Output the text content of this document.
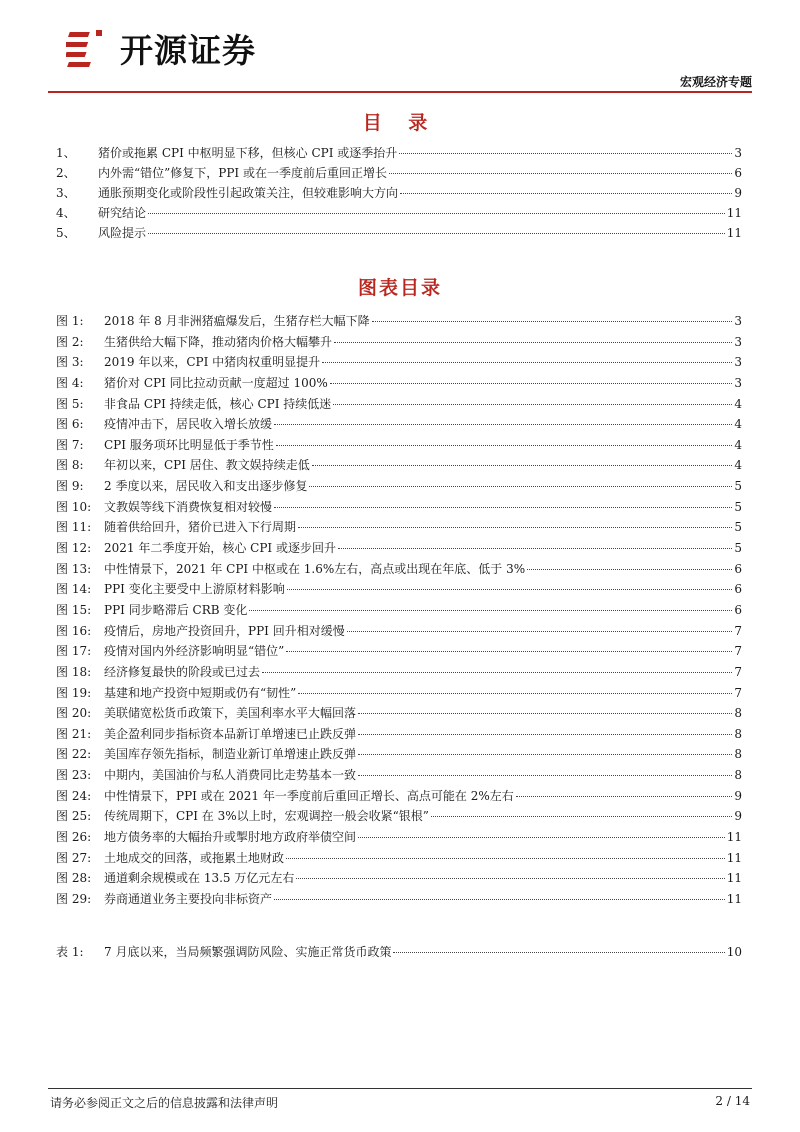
开源证券
宏观经济专题
目 录
1、	猪价或拖累 CPI 中枢明显下移，但核心 CPI 或逐季抬升	3
2、	内外需“错位”修复下，PPI 或在一季度前后重回正增长	6
3、	通胀预期变化或阶段性引起政策关注，但较难影响大方向	9
4、	研究结论	11
5、	风险提示	11
图表目录
图 1:	2018 年 8 月非洲猪瘟爆发后，生猪存栏大幅下降	3
图 2:	生猪供给大幅下降，推动猪肉价格大幅攀升	3
图 3:	2019 年以来，CPI 中猪肉权重明显提升	3
图 4:	猪价对 CPI 同比拉动贡献一度超过 100%	3
图 5:	非食品 CPI 持续走低，核心 CPI 持续低迷	4
图 6:	疫情冲击下，居民收入增长放缓	4
图 7:	CPI 服务项环比明显低于季节性	4
图 8:	年初以来，CPI 居住、教文娱持续走低	4
图 9:	2 季度以来，居民收入和支出逐步修复	5
图 10:	文教娱等线下消费恢复相对较慢	5
图 11:	随着供给回升，猪价已进入下行周期	5
图 12:	2021 年二季度开始，核心 CPI 或逐步回升	5
图 13:	中性情景下，2021 年 CPI 中枢或在 1.6%左右，高点或出现在年底、低于 3%	6
图 14:	PPI 变化主要受中上游原材料影响	6
图 15:	PPI 同步略滞后 CRB 变化	6
图 16:	疫情后，房地产投资回升，PPI 回升相对缓慢	7
图 17:	疫情对国内外经济影响明显“错位”	7
图 18:	经济修复最快的阶段或已过去	7
图 19:	基建和地产投资中短期或仍有“韧性”	7
图 20:	美联储宽松货币政策下，美国利率水平大幅回落	8
图 21:	美企盈利同步指标资本品新订单增速已止跌反弹	8
图 22:	美国库存领先指标，制造业新订单增速止跌反弹	8
图 23:	中期内，美国油价与私人消费同比走势基本一致	8
图 24:	中性情景下，PPI 或在 2021 年一季度前后重回正增长、高点可能在 2%左右	9
图 25:	传统周期下，CPI 在 3%以上时，宏观调控一般会收紧“银根”	9
图 26:	地方债务率的大幅抬升或掣肘地方政府举债空间	11
图 27:	土地成交的回落，或拖累土地财政	11
图 28:	通道剩余规模或在 13.5 万亿元左右	11
图 29:	券商通道业务主要投向非标资产	11
表 1:	7 月底以来，当局频繁强调防风险、实施正常货币政策	10
请务必参阅正文之后的信息披露和法律声明	2 / 14
